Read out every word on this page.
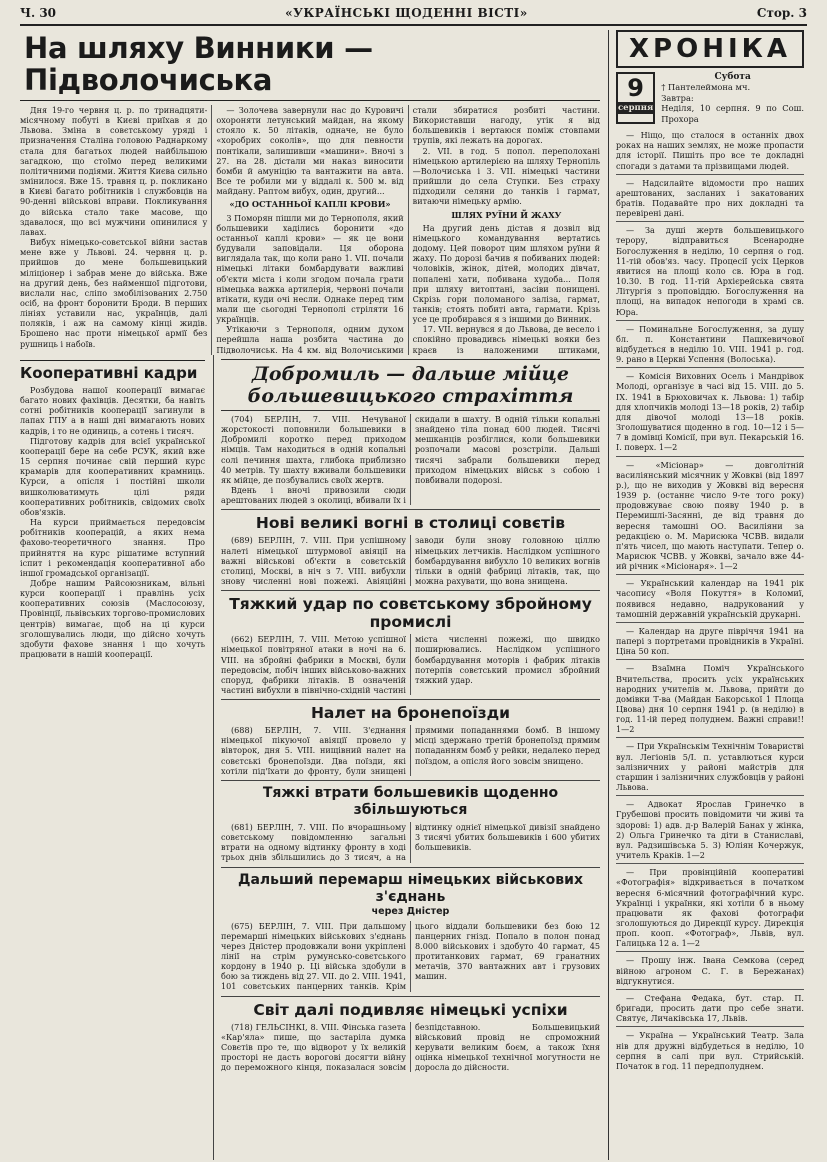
Ч. 30	«УКРАЇНСЬКІ ЩОДЕННІ ВІСТІ»	Стор. 3
На шляху Винники — Підволочиська

Дня 19-го червня ц. р. по тринадцяти-місячному побуті в Києві приїхав я до Львова. Зміна в совєтському уряді і призначення Сталіна головою Раднаркому стала для багатьох людей найбільшою загадкою, що стоїмо перед великими політичними подіями. Життя Києва сильно змінилося. Вже 15. травня ц. р. покликано в Києві багато робітників і службовців на 90-денні військові вправи. Покликування до війська стало таке масове, що здавалося, що всі мужчини опинилися у лавах.

Вибух німецько-совєтської війни застав мене вже у Львові. 24. червня ц. р. прийшов до мене большевицький міліціонер і забрав мене до війська. Вже на другий день, без найменшої підготови, вислали нас, сліпо змобілізованих 2.750 осіб, на фронт боронити Броди. В перших лініях уставили нас, українців, далі поляків, і аж на самому кінці жидів. Брошено нас проти німецької армії без рушниць і набоїв.

— Золочева завернули нас до Куровичі охороняти летунський майдан, на якому стояло к. 50 літаків, одначе, не було «хоробрих соколів», що для певности понтікали, залишивши «машини». Вночі з 27. на 28. дістали ми наказ виносити бомби й амуніцію та вантажити на авта. Все те робили ми у віддалі к. 500 м. від майдану. Раптом вибух, один, другий...

«ДО ОСТАННЬОЇ КАПЛІ КРОВИ»

3 Поморян пішли ми до Тернополя, який большевики хаділись боронити «до останньої каплі крови» — як це вони будували заповідали. Ця оборона виглядала так, що коли рано 1. VII. почали німецькі літаки бомбардувати важливі об'єкти міста і коли згодом почала грати німецька важка артилерія, червоні почали втікати, куди очі несли. Однаке перед тим мали ще сьогодні Тернополі стріляти 16 українців.

Утікаючи з Тернополя, одним духом перейшла наша розбита частина до Підволочиськ. На 4 км. від Волочиськими стали збиратися розбиті частини. Використавши нагоду, утік я від большевиків і вертаюся поміж стовпами трупів, які лежать на дорогах.

2. VII. в год. 5 попол. переполохані німецькою артилерією на шляху Тернопіль—Волочиська і 3. VII. німецькі частини прийшли до села Ступки. Без страху підходили селяни до танків і гармат, витаючи німецьку армію.

ШЛЯХ РУЇНИ Й ЖАХУ

На другий день дістав я дозвіл від німецького командування вертатись додому. Цей поворот цим шляхом руїни й жаху. По дорозі бачив я побиваних людей: чоловіків, жінок, дітей, молодих дівчат, попалені хати, побивана худоба... Поля при шляху витоптані, засіви понищені. Скрізь гори поломаного заліза, гармат, танків; стоять побиті авта, гармати. Крізь усе це пробирався я з іншими до Винник.

17. VII. вернувся я до Львова, де весело і спокійно провадивсь німецькі вояки без краєв із наложеними штиками,

Кооперативні кадри

Розбудова нашої кооперації вимагає багато нових фахівців. Десятки, ба навіть сотні робітників кооперації загинули в лапах ГПУ а в наші дні вимагають нових кадрів, і то не одиниць, а сотень і тисяч.

Підготову кадрів для всієї української кооперації бере на себе РСУК, який вже 15 серпня починає свій перший курс крамарів для кооперативних крамниць. Курси, а опісля і постійні школи вишколюватимуть цілі ряди кооперативних робітників, свідомих своїх обов'язків.

На курси приймається передовсім робітників кооперацій, а яких нема фахово-теоретичного знання. Про прийняття на курс рішатиме вступний іспит і рекомендація кооперативної або іншої громадської організації.

Добре нашим Райсоюзникам, вільні курси кооперації і правлінь усіх кооперативних союзів (Маслосоюзу, Провінції, львівських торгово-промислових центрів) вимагає, щоб на ці курси зголошувались люди, що дійсно хочуть здобути фахове знання і що хочуть працювати в нашій кооперації.

Добромиль — дальше мійце большевицького страхіття

(704) БЕРЛІН, 7. VIII. Нечуваної жорстокості поповнили большевики в Добромилі коротко перед приходом німців. Там находиться в одній копальні солі печиння шахта, глибока приблизно 40 метрів. Ту шахту вживали большевики як мійце, де позбувались своїх жертв.

Вдень і вночі привозили сюди арештованих людей з околиці, вбивали їх і скидали в шахту. В одній тільки копальні знайдено тіла понад 600 людей. Тисячі мешканців розбіглися, коли большевики розпочали масові розстріли. Дальші тисячі забрали большевики перед приходом німецьких військ з собою і повбивали подорозі.

Нові великі вогні в столиці совєтів

(689) БЕРЛІН, 7. VIII. При успішному налеті німецької штурмової авіяції на важні військові об'єкти в совєтській столиці, Москві, в ніч з 7. VIII. вибухли знову численні нові пожежі. Авіяційні заводи були знову головною ціллю німецьких летчиків. Наслідком успішного бомбардування вибухло 10 великих вогнів тільки в одній фабриці літаків, так, що можна рахувати, що вона знищена.

Тяжкий удар по совєтському збройному промислі

(662) БЕРЛІН, 7. VIII. Метою успішної німецької повітряної атаки в ночі на 6. VIII. на збройні фабрики в Москві, були передовсім, побіч інших військово-важних споруд, фабрики літаків. В означеній частині вибухли в північно-східній частині міста численні пожежі, що швидко поширювались. Наслідком успішного бомбардування моторів і фабрик літаків потерпів совєтський промисл збройний тяжкий удар.

Налет на бронепоїзди

(688) БЕРЛІН, 7. VIII. З'єднання німецької пікуючої авіяції провело у вівторок, дня 5. VIII. нищівний налет на совєтські бронепоїзди. Два поїзди, які хотіли під'їхати до фронту, були знищені прямими попаданнями бомб. В іншому місці здержано третій бронепоїзд прямим попаданням бомб у рейки, недалеко перед поїздом, а опісля його зовсім знищено.

Тяжкі втрати большевиків щоденно збільшуються

(681) БЕРЛІН, 7. VIII. По вчорашньому совєтському повідомленню загальні втрати на одному відтинку фронту в ході трьох днів збільшились до 3 тисяч, а на відтинку однієї німецької дивізії знайдено 3 тисячі убитих большевиків і 600 убитих большевиків.

Дальший перемарш німецьких військових з'єднань
через Дністер

(675) БЕРЛІН, 7. VIII. При дальшому перемарші німецьких військових з'єднань через Дністер продовжали вони укріплені лінії на стрім румунсько-совєтського кордону в 1940 р. Ці війська здобули в бою за тиждень від 27. VII. до 2. VIII. 1941, 101 совєтських панцерних танків. Крім цього віддали большевики без бою 12 панцерних гнізд. Попало в полон понад 8.000 військових і здобуто 40 гармат, 45 протитанкових гармат, 69 гранатних метачів, 370 вантажних авт і грузових машин.

Світ далі подивляє німецькі успіхи

(718) ГЕЛЬСІНКІ, 8. VIII. Фінська газета «Кар'яла» пише, що застаріла думка Совєтів про те, що відворот у їх великій просторі не дасть ворогові досягти війну до переможного кінця, показалася зовсім безпідставною. Большевицький військовий провід не спроможний керувати великим боєм, а також їхня оцінка німецької технічної могутности не доросла до дійсности.

ХРОНІКА
9
серпня
Субота
† Пантелеймона мч.
Завтра:
Неділя, 10 серпня. 9 по Сош. Прохора

— Ніщо, що сталося в останніх двох роках на наших землях, не може пропасти для історії. Пишіть про все те докладні спогади з датами та прізвищами людей.

— Надсилайте відомости про наших арештованих, засланих і закатованих братів. Подавайте про них докладні та перевірені дані.

— За душі жертв большевицького терору, відправиться Всенародне Богослуження в неділю, 10 серпня о год. 11-тій обов'яз. часу. Процесії усіх Церков явитися на площі коло св. Юра в год. 10.30. В год. 11-тій Архієрейська свята Літургія з проповіддю. Богослуження на площі, на випадок непогоди в храмі св. Юра.

— Поминальне Богослуження, за душу бл. п. Константини Пашкевичової відбудеться в неділю 10. VIII. 1941 р. год. 9. рано в Церкві Успення (Волоська).

— Комісія Виховних Осель і Мандрівок Молоді, організує в часі від 15. VIII. до 5. IX. 1941 в Брюховичах к. Львова: 1) табір для хлопчиків молоді 13—18 років, 2) табір для дівочої молоді 13—18 років. Зголошуватися щоденно в год. 10—12 і 5—7 в домівці Комісії, при вул. Пекарській 16. І. поверх. 1—2

— «Місіонар» — довголітній василіянський місячник у Жовкві (від 1897 р.), що не виходив у Жовкві від вересня 1939 р. (останнє число 9-те того року) продовжуває свою появу 1940 р. в Перемишлі-Засянні, де від травня до вересня тамошні ОО. Василіяни за редакцією о. М. Марисюка ЧСВВ. видали п'ять чисел, що мають наступати. Тепер о. Марисюк ЧСВВ. у Жовкві, зачало вже 44-ий річник «Місіонаря». 1—2

— Український календар на 1941 рік часопису «Воля Покуття» в Коломиї, появився недавно, надрукований у тамошній державній українській друкарні.

— Календар на друге півріччя 1941 на папері з портретами провідників в Україні. Ціна 50 коп.

— Взаїмна Поміч Українського Вчительства, просить усіх українських народних учителів м. Львова, прийти до домівки Т-ва (Майдан Бакорської 1 Площа Цвова) дня 10 серпня 1941 р. (в неділю) в год. 11-ій перед полуднем. Важні справи!! 1—2

— При Українськім Технічнім Товаристві вул. Легіонів 5/І. п. уставлються курси залізничних у районі майстрів для старшин і залізничних службовців у районі Львова.

— Адвокат Ярослав Гринечко в Грубешові просить повідомити чи живі та здорові: 1) адв. д-р Валерій Банах у жінка, 2) Ольга Гринечко та діти в Станиславі, вул. Радзишівська 5. 3) Юліян Кочержук, учитель Краків. 1—2

— При провінційній кооперативі «Фотографія» відкривається в початком вересня 6-місячний фотографічний курс. Українці і українки, які хотіли б в ньому працювати як фахові фотографи зголошуються до Дирекції курсу. Дирекція проп. кооп. «Фотограф», Львів, вул. Галицька 12 а. 1—2

— Прошу інж. Івана Семкова (серед війною агроном С. Г. в Бережанах) відгукнутися.

— Стефана Федака, бут. стар. П. бригади, просить дати про себе знати. Святує, Личаківська 17, Львів.

— Україна — Український Театр. Зала нів для дружні відбудеться в неділю, 10 серпня в салі при вул. Стрийській. Початок в год. 11 передполуднем.
